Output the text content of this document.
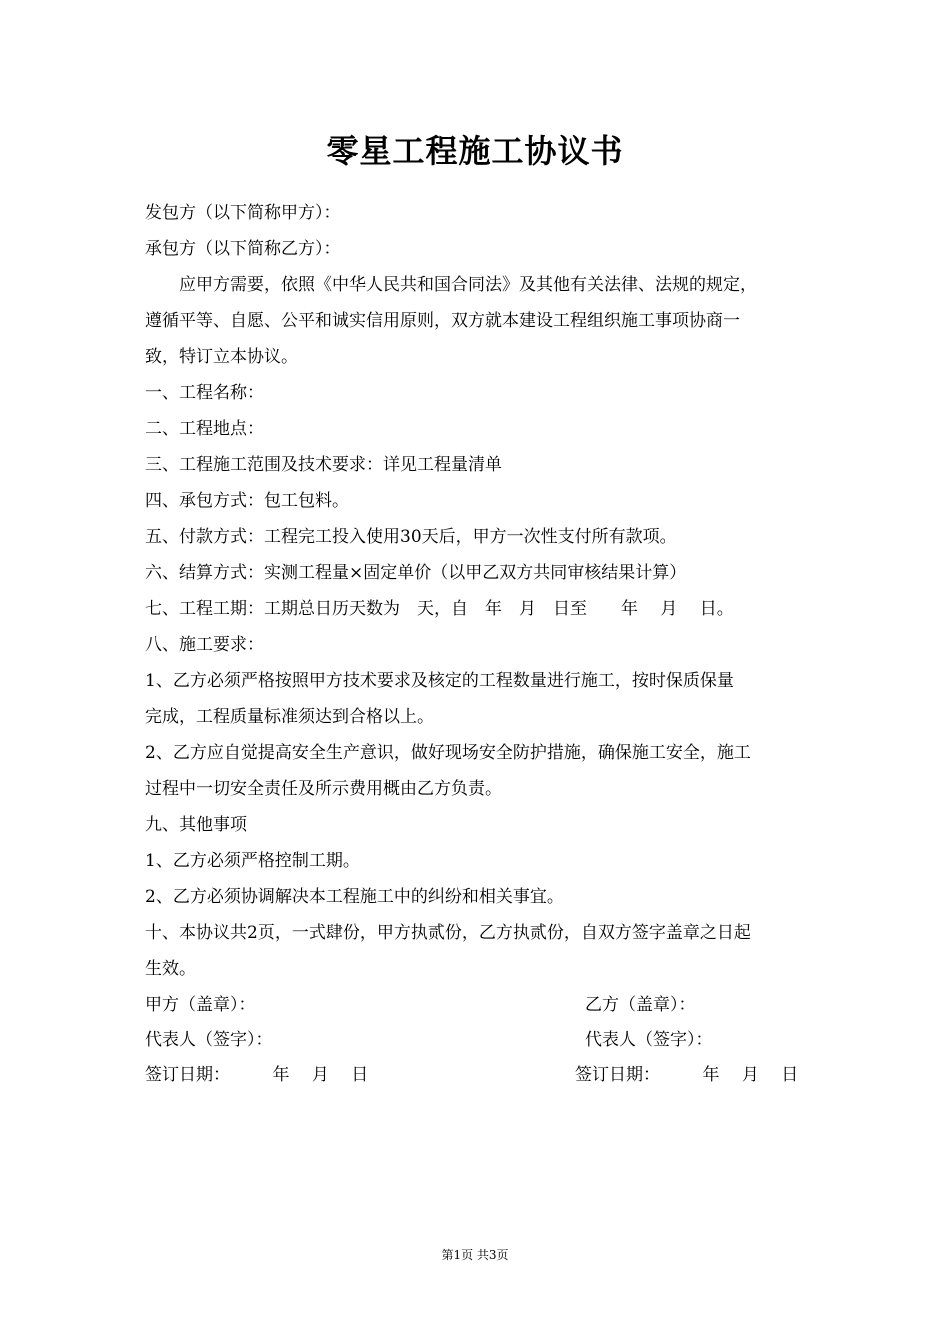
零星工程施工协议书
发包方（以下简称甲方）：
承包方（以下简称乙方）：
应甲方需要，依照《中华人民共和国合同法》及其他有关法律、法规的规定，
遵循平等、自愿、公平和诚实信用原则，双方就本建设工程组织施工事项协商一
致，特订立本协议。
一、工程名称：
二、工程地点：
三、工程施工范围及技术要求：详见工程量清单
四、承包方式：包工包料。
五、付款方式：工程完工投入使用30天后，甲方一次性支付所有款项。
六、结算方式：实测工程量×固定单价（以甲乙双方共同审核结果计算）
七、工程工期：工期总日历天数为　天，自　年　月　日至　　年　 月　 日。
八、施工要求：
1、乙方必须严格按照甲方技术要求及核定的工程数量进行施工，按时保质保量
完成，工程质量标准须达到合格以上。
2、乙方应自觉提高安全生产意识，做好现场安全防护措施，确保施工安全，施工
过程中一切安全责任及所示费用概由乙方负责。
九、其他事项
1、乙方必须严格控制工期。
2、乙方必须协调解决本工程施工中的纠纷和相关事宜。
十、本协议共2页，一式肆份，甲方执贰份，乙方执贰份，自双方签字盖章之日起
生效。
甲方（盖章）：	乙方（盖章）：
代表人（签字）：	代表人（签字）：
签订日期：　　　年　 月　 日	签订日期：　　　年　 月　 日
第1页 共3页
